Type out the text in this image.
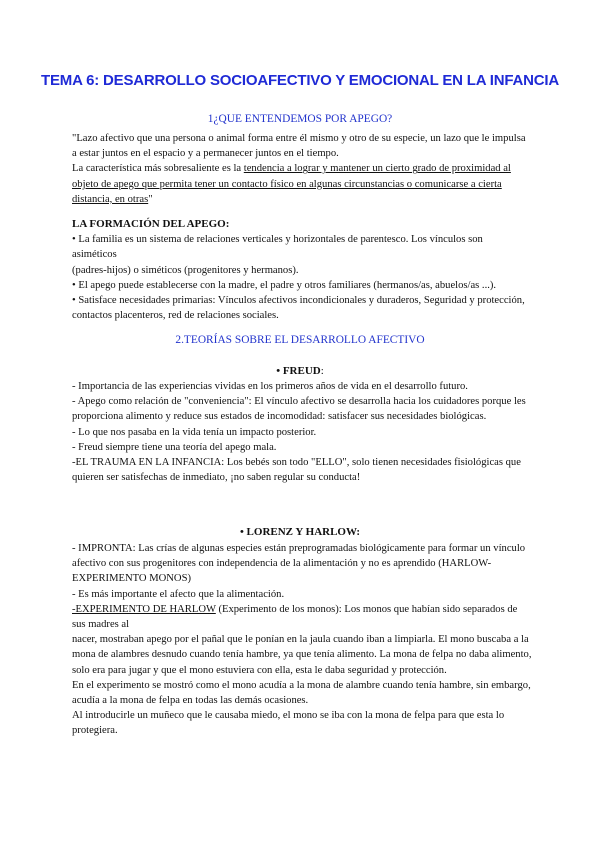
TEMA 6: DESARROLLO SOCIOAFECTIVO Y EMOCIONAL EN LA INFANCIA
1¿QUE ENTENDEMOS POR APEGO?

"Lazo afectivo que una persona o animal forma entre él mismo y otro de su especie, un lazo que le impulsa a estar juntos en el espacio y a permanecer juntos en el tiempo.

La característica más sobresaliente es la tendencia a lograr y mantener un cierto grado de proximidad al objeto de apego que permita tener un contacto físico en algunas circunstancias o comunicarse a cierta distancia, en otras"

LA FORMACIÓN DEL APEGO:

• La familia es un sistema de relaciones verticales y horizontales de parentesco. Los vínculos son asiméticos

(padres-hijos) o siméticos (progenitores y hermanos).

• El apego puede establecerse con la madre, el padre y otros familiares (hermanos/as, abuelos/as ...).

• Satisface necesidades primarias: Vínculos afectivos incondicionales y duraderos, Seguridad y protección, contactos placenteros, red de relaciones sociales.

2.TEORÍAS SOBRE EL DESARROLLO AFECTIVO
• FREUD:

- Importancia de las experiencias vividas en los primeros años de vida en el desarrollo futuro.

- Apego como relación de "conveniencia": El vínculo afectivo se desarrolla hacia los cuidadores porque les proporciona alimento y reduce sus estados de incomodidad: satisfacer sus necesidades biológicas.

- Lo que nos pasaba en la vida tenía un impacto posterior.

- Freud siempre tiene una teoría del apego mala.

-EL TRAUMA EN LA INFANCIA: Los bebés son todo "ELLO", solo tienen necesidades fisiológicas que quieren ser satisfechas de inmediato, ¡no saben regular su conducta!

• LORENZ Y HARLOW:

- IMPRONTA: Las crías de algunas especies están preprogramadas biológicamente para formar un vínculo afectivo con sus progenitores con independencia de la alimentación y no es aprendido (HARLOW-EXPERIMENTO MONOS)

- Es más importante el afecto que la alimentación.

-EXPERIMENTO DE HARLOW (Experimento de los monos): Los monos que habían sido separados de sus madres al

nacer, mostraban apego por el pañal que le ponían en la jaula cuando iban a limpiarla. El mono buscaba a la mona de alambres desnudo cuando tenía hambre, ya que tenía alimento. La mona de felpa no daba alimento, solo era para jugar y que el mono estuviera con ella, esta le daba seguridad y protección.

En el experimento se mostró como el mono acudía a la mona de alambre cuando tenía hambre, sin embargo, acudía a la mona de felpa en todas las demás ocasiones.

Al introducirle un muñeco que le causaba miedo, el mono se iba con la mona de felpa para que esta lo protegiera.
